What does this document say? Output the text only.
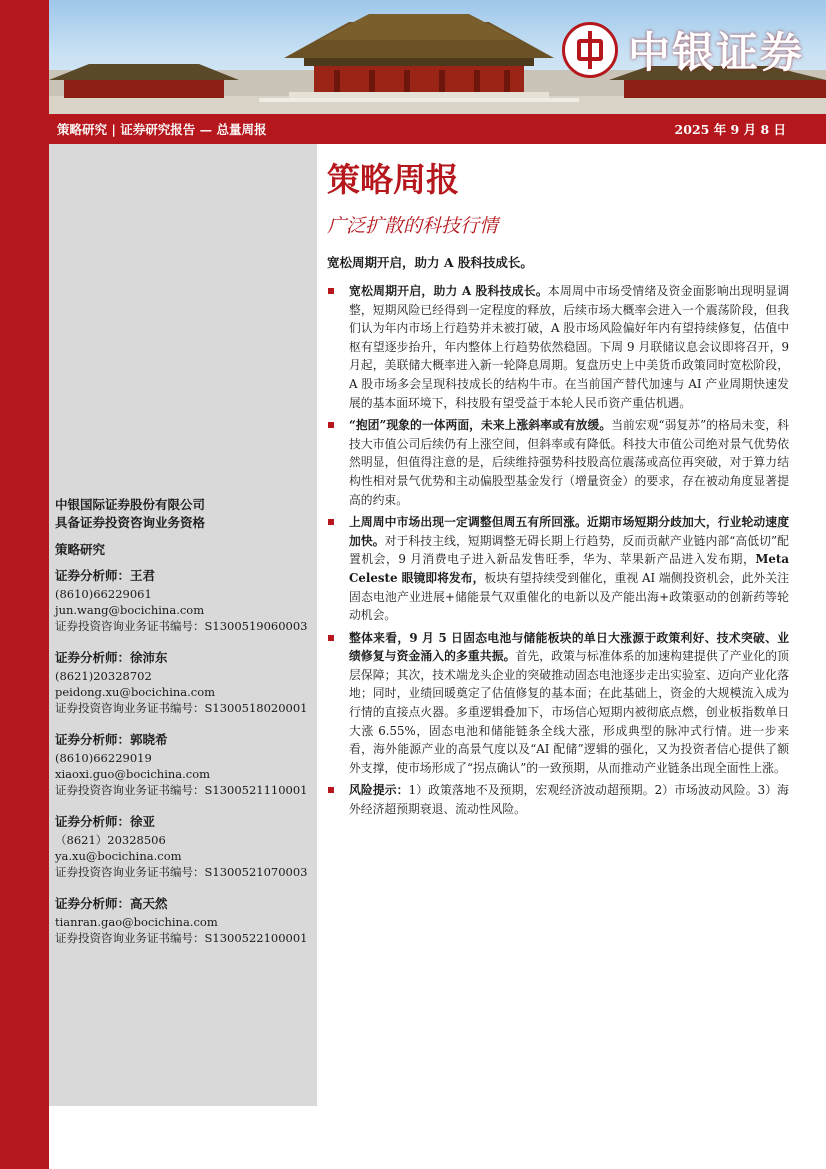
中银证券
策略研究 | 证券研究报告 — 总量周报	2025 年 9 月 8 日
中银国际证券股份有限公司
具备证券投资咨询业务资格
策略研究
证券分析师：王君
(8610)66229061
jun.wang@bocichina.com
证券投资咨询业务证书编号：S1300519060003
证券分析师：徐沛东
(8621)20328702
peidong.xu@bocichina.com
证券投资咨询业务证书编号：S1300518020001
证券分析师：郭晓希
(8610)66229019
xiaoxi.guo@bocichina.com
证券投资咨询业务证书编号：S1300521110001
证券分析师：徐亚
（8621）20328506
ya.xu@bocichina.com
证券投资咨询业务证书编号：S1300521070003
证券分析师：高天然
tianran.gao@bocichina.com
证券投资咨询业务证书编号：S1300522100001
策略周报
广泛扩散的科技行情
宽松周期开启，助力 A 股科技成长。
宽松周期开启，助力 A 股科技成长。本周周中市场受情绪及资金面影响出现明显调整，短期风险已经得到一定程度的释放，后续市场大概率会进入一个震荡阶段，但我们认为年内市场上行趋势并未被打破，A 股市场风险偏好年内有望持续修复，估值中枢有望逐步抬升，年内整体上行趋势依然稳固。下周 9 月联储议息会议即将召开，9 月起，美联储大概率进入新一轮降息周期。复盘历史上中美货币政策同时宽松阶段，A 股市场多会呈现科技成长的结构牛市。在当前国产替代加速与 AI 产业周期快速发展的基本面环境下，科技股有望受益于本轮人民币资产重估机遇。
“抱团”现象的一体两面，未来上涨斜率或有放缓。当前宏观“弱复苏”的格局未变，科技大市值公司后续仍有上涨空间，但斜率或有降低。科技大市值公司绝对景气优势依然明显，但值得注意的是，后续维持强势科技股高位震荡或高位再突破，对于算力结构性相对景气优势和主动偏股型基金发行（增量资金）的要求，存在被动角度显著提高的约束。
上周周中市场出现一定调整但周五有所回涨。近期市场短期分歧加大，行业轮动速度加快。对于科技主线，短期调整无碍长期上行趋势，反而贡献产业链内部“高低切”配置机会，9 月消费电子进入新品发售旺季，华为、苹果新产品进入发布期，Meta Celeste 眼镜即将发布，板块有望持续受到催化，重视 AI 端侧投资机会，此外关注固态电池产业进展+储能景气双重催化的电新以及产能出海+政策驱动的创新药等轮动机会。
整体来看，9 月 5 日固态电池与储能板块的单日大涨源于政策利好、技术突破、业绩修复与资金涌入的多重共振。首先，政策与标准体系的加速构建提供了产业化的顶层保障；其次，技术端龙头企业的突破推动固态电池逐步走出实验室、迈向产业化落地；同时，业绩回暖奠定了估值修复的基本面；在此基础上，资金的大规模流入成为行情的直接点火器。多重逻辑叠加下，市场信心短期内被彻底点燃，创业板指数单日大涨 6.55%，固态电池和储能链条全线大涨，形成典型的脉冲式行情。进一步来看，海外能源产业的高景气度以及“AI 配储”逻辑的强化，又为投资者信心提供了额外支撑，使市场形成了“拐点确认”的一致预期，从而推动产业链条出现全面性上涨。
风险提示：1）政策落地不及预期，宏观经济波动超预期。2）市场波动风险。3）海外经济超预期衰退、流动性风险。
